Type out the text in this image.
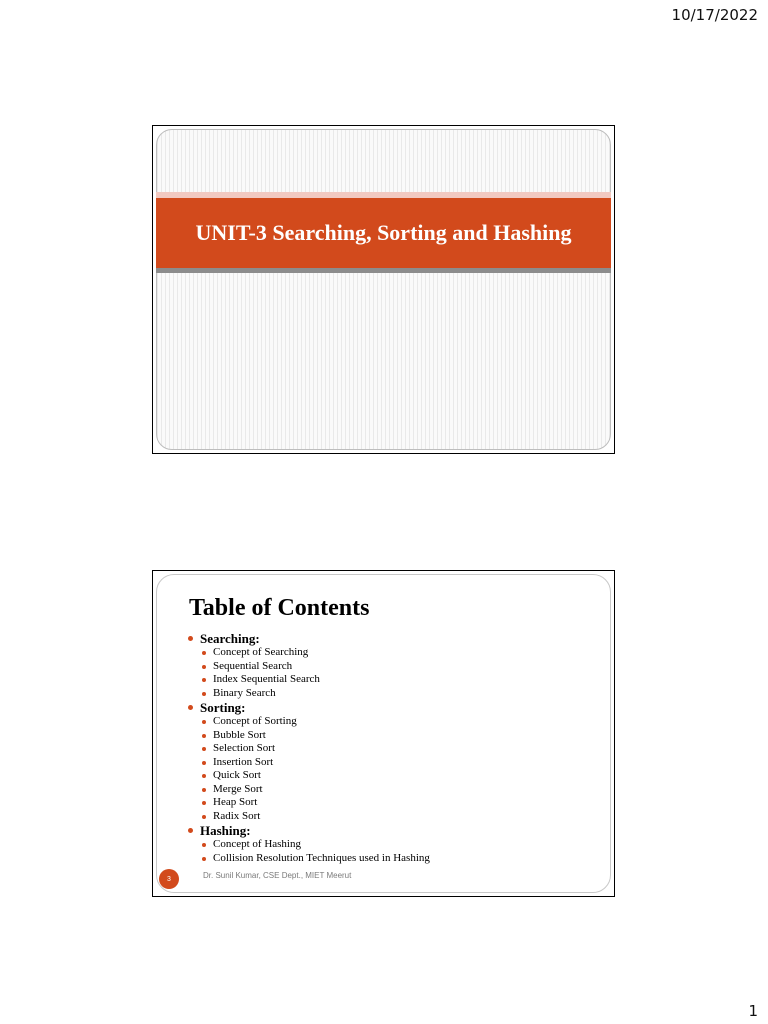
10/17/2022
UNIT-3 Searching, Sorting and Hashing
Table of Contents
Searching:
Concept of Searching
Sequential Search
Index Sequential Search
Binary Search
Sorting:
Concept of Sorting
Bubble Sort
Selection Sort
Insertion Sort
Quick Sort
Merge Sort
Heap Sort
Radix Sort
Hashing:
Concept of Hashing
Collision Resolution Techniques used in Hashing
3	Dr. Sunil Kumar, CSE Dept., MIET Meerut
1
